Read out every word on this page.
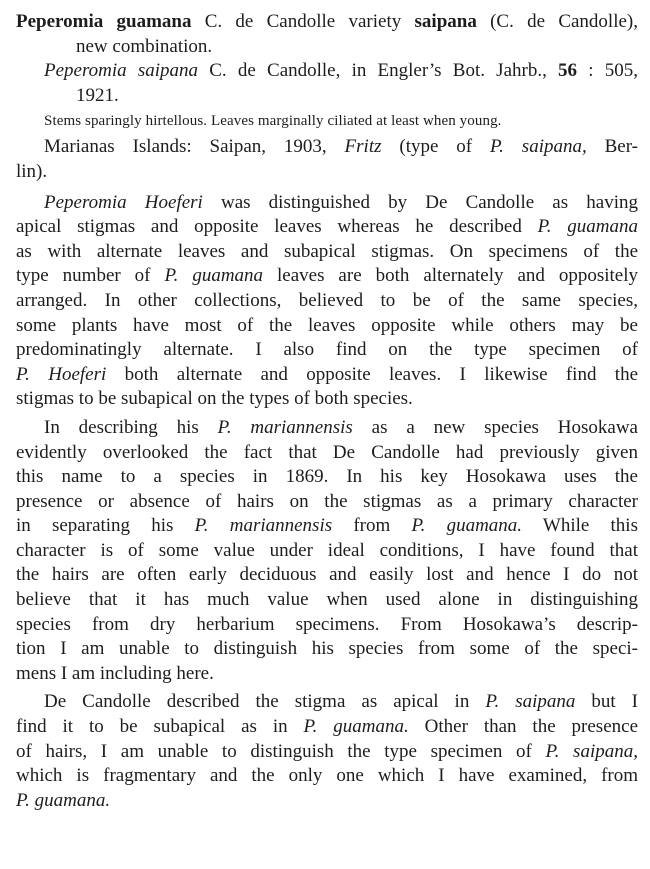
Peperomia guamana C. de Candolle variety saipana (C. de Candolle),
new combination.
Peperomia saipana C. de Candolle, in Engler’s Bot. Jahrb., 56 : 505,
1921.
Stems sparingly hirtellous. Leaves marginally ciliated at least when young.
Marianas Islands: Saipan, 1903, Fritz (type of P. saipana, Ber-
lin).
Peperomia Hoeferi was distinguished by De Candolle as having
apical stigmas and opposite leaves whereas he described P. guamana
as with alternate leaves and subapical stigmas. On specimens of the
type number of P. guamana leaves are both alternately and oppositely
arranged. In other collections, believed to be of the same species,
some plants have most of the leaves opposite while others may be
predominatingly alternate. I also find on the type specimen of
P. Hoeferi both alternate and opposite leaves. I likewise find the
stigmas to be subapical on the types of both species.
In describing his P. mariannensis as a new species Hosokawa
evidently overlooked the fact that De Candolle had previously given
this name to a species in 1869. In his key Hosokawa uses the
presence or absence of hairs on the stigmas as a primary character
in separating his P. mariannensis from P. guamana. While this
character is of some value under ideal conditions, I have found that
the hairs are often early deciduous and easily lost and hence I do not
believe that it has much value when used alone in distinguishing
species from dry herbarium specimens. From Hosokawa’s descrip-
tion I am unable to distinguish his species from some of the speci-
mens I am including here.
De Candolle described the stigma as apical in P. saipana but I
find it to be subapical as in P. guamana. Other than the presence
of hairs, I am unable to distinguish the type specimen of P. saipana,
which is fragmentary and the only one which I have examined, from
P. guamana.
